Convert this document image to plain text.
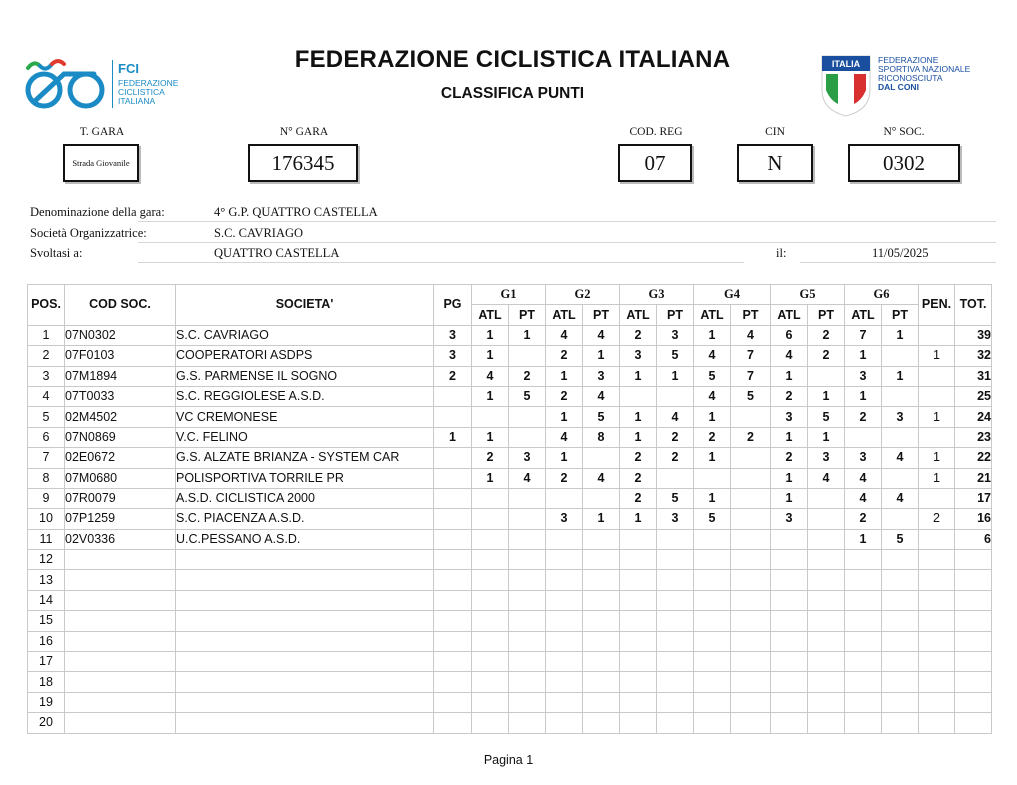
FCI
FEDERAZIONE
CICLISTICA
ITALIANA
FEDERAZIONE CICLISTICA ITALIANA
CLASSIFICA PUNTI
ITALIA FEDERAZIONE
SPORTIVA NAZIONALE
RICONOSCIUTA
DAL CONI
T. GARA
Strada Giovanile
N° GARA
176345
COD. REG
07
CIN
N
N° SOC.
0302
Denominazione della gara:	4° G.P. QUATTRO CASTELLA
Società Organizzatrice:	S.C. CAVRIAGO
Svoltasi a:	QUATTRO CASTELLA	il:	11/05/2025
POS.	COD SOC.	SOCIETA'	PG	G1		G2		G3		G4		G5		G6		PEN.	TOT.
				ATL	PT	ATL	PT	ATL	PT	ATL	PT	ATL	PT	ATL	PT		
1	07N0302	S.C. CAVRIAGO	3	1	1	4	4	2	3	1	4	6	2	7	1		39
2	07F0103	COOPERATORI ASDPS	3	1		2	1	3	5	4	7	4	2	1		1	32
3	07M1894	G.S. PARMENSE IL SOGNO	2	4	2	1	3	1	1	5	7	1		3	1		31
4	07T0033	S.C. REGGIOLESE A.S.D.		1	5	2	4			4	5	2	1	1			25
5	02M4502	VC CREMONESE				1	5	1	4	1		3	5	2	3	1	24
6	07N0869	V.C. FELINO	1	1		4	8	1	2	2	2	1	1				23
7	02E0672	G.S. ALZATE BRIANZA - SYSTEM CAR		2	3	1		2	2	1		2	3	3	4	1	22
8	07M0680	POLISPORTIVA TORRILE PR		1	4	2	4	2				1	4	4		1	21
9	07R0079	A.S.D. CICLISTICA 2000						2	5	1		1		4	4		17
10	07P1259	S.C. PIACENZA A.S.D.				3	1	1	3	5		3		2		2	16
11	02V0336	U.C.PESSANO A.S.D.												1	5		6
12																	
13																	
14																	
15																	
16																	
17																	
18																	
19																	
20																	
Pagina 1
